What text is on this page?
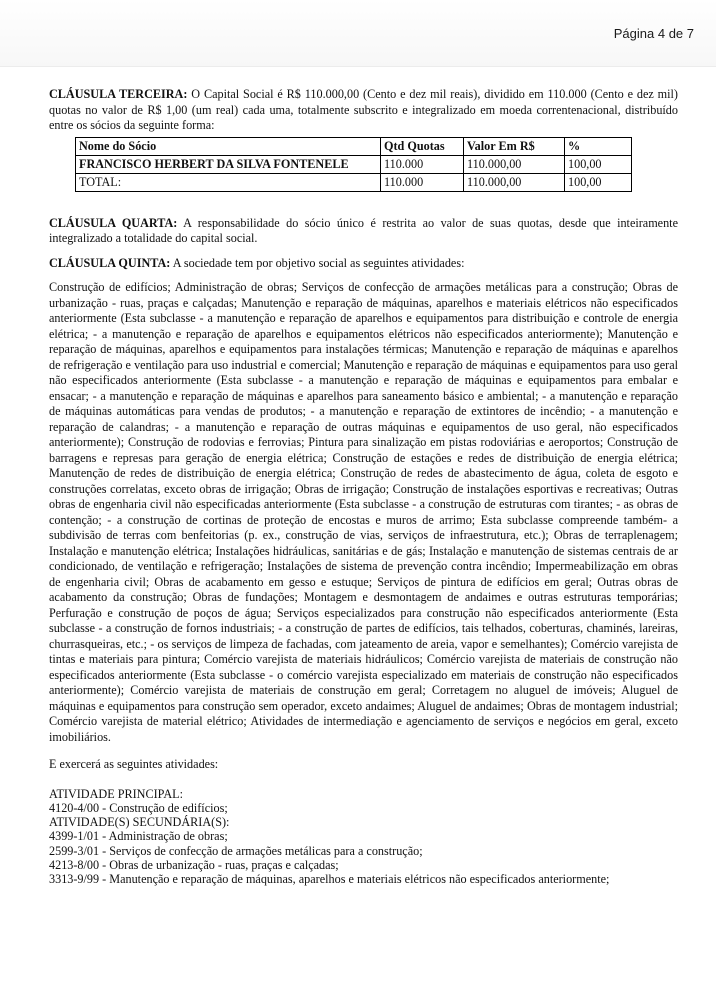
Página 4 de 7

CLÁUSULA TERCEIRA: O Capital Social é R$ 110.000,00 (Cento e dez mil reais), dividido em 110.000 (Cento e dez mil) quotas no valor de R$ 1,00 (um real) cada uma, totalmente subscrito e integralizado em moeda correntenacional, distribuído entre os sócios da seguinte forma:

Nome do Sócio	Qtd Quotas	Valor Em R$	%
FRANCISCO HERBERT DA SILVA FONTENELE	110.000	110.000,00	100,00
TOTAL:	110.000	110.000,00	100,00

CLÁUSULA QUARTA: A responsabilidade do sócio único é restrita ao valor de suas quotas, desde que inteiramente integralizado a totalidade do capital social.

CLÁUSULA QUINTA: A sociedade tem por objetivo social as seguintes atividades:

Construção de edifícios; Administração de obras; Serviços de confecção de armações metálicas para a construção; Obras de urbanização - ruas, praças e calçadas; Manutenção e reparação de máquinas, aparelhos e materiais elétricos não especificados anteriormente (Esta subclasse - a manutenção e reparação de aparelhos e equipamentos para distribuição e controle de energia elétrica; - a manutenção e reparação de aparelhos e equipamentos elétricos não especificados anteriormente); Manutenção e reparação de máquinas, aparelhos e equipamentos para instalações térmicas; Manutenção e reparação de máquinas e aparelhos de refrigeração e ventilação para uso industrial e comercial; Manutenção e reparação de máquinas e equipamentos para uso geral não especificados anteriormente (Esta subclasse - a manutenção e reparação de máquinas e equipamentos para embalar e ensacar; - a manutenção e reparação de máquinas e aparelhos para saneamento básico e ambiental; - a manutenção e reparação de máquinas automáticas para vendas de produtos; - a manutenção e reparação de extintores de incêndio; - a manutenção e reparação de calandras; - a manutenção e reparação de outras máquinas e equipamentos de uso geral, não especificados anteriormente); Construção de rodovias e ferrovias; Pintura para sinalização em pistas rodoviárias e aeroportos; Construção de barragens e represas para geração de energia elétrica; Construção de estações e redes de distribuição de energia elétrica; Manutenção de redes de distribuição de energia elétrica; Construção de redes de abastecimento de água, coleta de esgoto e construções correlatas, exceto obras de irrigação; Obras de irrigação; Construção de instalações esportivas e recreativas; Outras obras de engenharia civil não especificadas anteriormente (Esta subclasse - a construção de estruturas com tirantes; - as obras de contenção; - a construção de cortinas de proteção de encostas e muros de arrimo; Esta subclasse compreende também- a subdivisão de terras com benfeitorias (p. ex., construção de vias, serviços de infraestrutura, etc.); Obras de terraplenagem; Instalação e manutenção elétrica; Instalações hidráulicas, sanitárias e de gás; Instalação e manutenção de sistemas centrais de ar condicionado, de ventilação e refrigeração; Instalações de sistema de prevenção contra incêndio; Impermeabilização em obras de engenharia civil; Obras de acabamento em gesso e estuque; Serviços de pintura de edifícios em geral; Outras obras de acabamento da construção; Obras de fundações; Montagem e desmontagem de andaimes e outras estruturas temporárias; Perfuração e construção de poços de água; Serviços especializados para construção não especificados anteriormente (Esta subclasse - a construção de fornos industriais; - a construção de partes de edifícios, tais telhados, coberturas, chaminés, lareiras, churrasqueiras, etc.; - os serviços de limpeza de fachadas, com jateamento de areia, vapor e semelhantes); Comércio varejista de tintas e materiais para pintura; Comércio varejista de materiais hidráulicos; Comércio varejista de materiais de construção não especificados anteriormente (Esta subclasse - o comércio varejista especializado em materiais de construção não especificados anteriormente); Comércio varejista de materiais de construção em geral; Corretagem no aluguel de imóveis; Aluguel de máquinas e equipamentos para construção sem operador, exceto andaimes; Aluguel de andaimes; Obras de montagem industrial; Comércio varejista de material elétrico; Atividades de intermediação e agenciamento de serviços e negócios em geral, exceto imobiliários.

E exercerá as seguintes atividades:

ATIVIDADE PRINCIPAL:
4120-4/00 - Construção de edifícios;
ATIVIDADE(S) SECUNDÁRIA(S):
4399-1/01 - Administração de obras;
2599-3/01 - Serviços de confecção de armações metálicas para a construção;
4213-8/00 - Obras de urbanização - ruas, praças e calçadas;
3313-9/99 - Manutenção e reparação de máquinas, aparelhos e materiais elétricos não especificados anteriormente;
